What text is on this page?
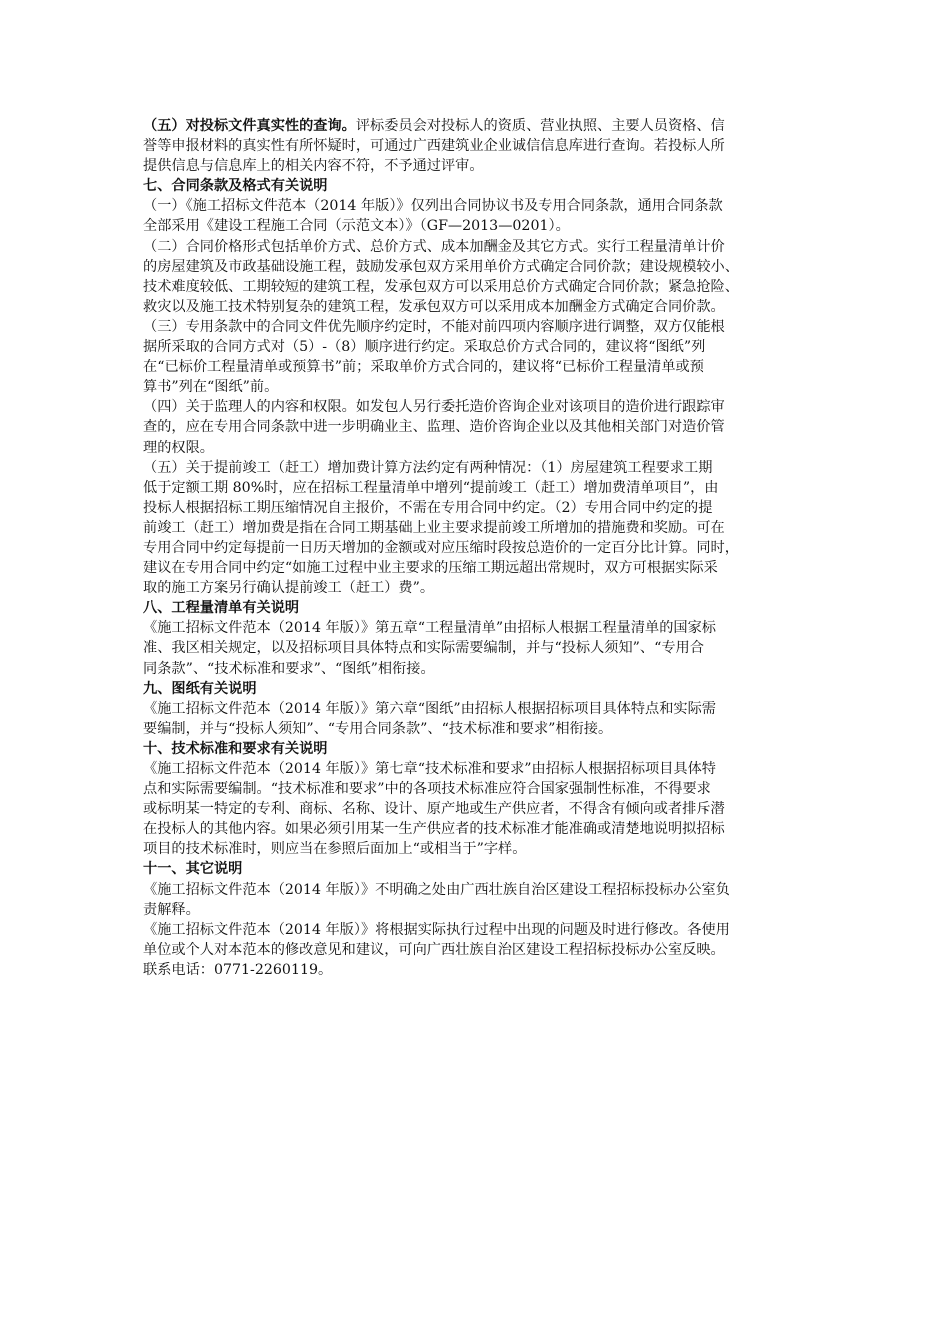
（五）对投标文件真实性的查询。评标委员会对投标人的资质、营业执照、主要人员资格、信
誉等申报材料的真实性有所怀疑时，可通过广西建筑业企业诚信信息库进行查询。若投标人所
提供信息与信息库上的相关内容不符，不予通过评审。

七、合同条款及格式有关说明

（一）《施工招标文件范本（2014 年版）》仅列出合同协议书及专用合同条款，通用合同条款
全部采用《建设工程施工合同（示范文本）》（GF—2013—0201）。

（二）合同价格形式包括单价方式、总价方式、成本加酬金及其它方式。实行工程量清单计价
的房屋建筑及市政基础设施工程，鼓励发承包双方采用单价方式确定合同价款；建设规模较小、
技术难度较低、工期较短的建筑工程，发承包双方可以采用总价方式确定合同价款；紧急抢险、
救灾以及施工技术特别复杂的建筑工程，发承包双方可以采用成本加酬金方式确定合同价款。

（三）专用条款中的合同文件优先顺序约定时，不能对前四项内容顺序进行调整，双方仅能根
据所采取的合同方式对（5）-（8）顺序进行约定。采取总价方式合同的，建议将“图纸”列
在“已标价工程量清单或预算书”前；采取单价方式合同的，建议将“已标价工程量清单或预
算书”列在“图纸”前。

（四）关于监理人的内容和权限。如发包人另行委托造价咨询企业对该项目的造价进行跟踪审
查的，应在专用合同条款中进一步明确业主、监理、造价咨询企业以及其他相关部门对造价管
理的权限。

（五）关于提前竣工（赶工）增加费计算方法约定有两种情况：（1）房屋建筑工程要求工期
低于定额工期 80%时，应在招标工程量清单中增列“提前竣工（赶工）增加费清单项目”，由
投标人根据招标工期压缩情况自主报价，不需在专用合同中约定。（2）专用合同中约定的提
前竣工（赶工）增加费是指在合同工期基础上业主要求提前竣工所增加的措施费和奖励。可在
专用合同中约定每提前一日历天增加的金额或对应压缩时段按总造价的一定百分比计算。同时，
建议在专用合同中约定“如施工过程中业主要求的压缩工期远超出常规时，双方可根据实际采
取的施工方案另行确认提前竣工（赶工）费”。

八、工程量清单有关说明

《施工招标文件范本（2014 年版）》第五章“工程量清单”由招标人根据工程量清单的国家标
准、我区相关规定，以及招标项目具体特点和实际需要编制，并与“投标人须知”、“专用合
同条款”、“技术标准和要求”、“图纸”相衔接。

九、图纸有关说明

《施工招标文件范本（2014 年版）》第六章“图纸”由招标人根据招标项目具体特点和实际需
要编制，并与“投标人须知”、“专用合同条款”、“技术标准和要求”相衔接。

十、技术标准和要求有关说明

《施工招标文件范本（2014 年版）》第七章“技术标准和要求”由招标人根据招标项目具体特
点和实际需要编制。“技术标准和要求”中的各项技术标准应符合国家强制性标准，不得要求
或标明某一特定的专利、商标、名称、设计、原产地或生产供应者，不得含有倾向或者排斥潜
在投标人的其他内容。如果必须引用某一生产供应者的技术标准才能准确或清楚地说明拟招标
项目的技术标准时，则应当在参照后面加上“或相当于”字样。

十一、其它说明

《施工招标文件范本（2014 年版）》不明确之处由广西壮族自治区建设工程招标投标办公室负
责解释。

《施工招标文件范本（2014 年版）》将根据实际执行过程中出现的问题及时进行修改。各使用
单位或个人对本范本的修改意见和建议，可向广西壮族自治区建设工程招标投标办公室反映。
联系电话：0771-2260119。
